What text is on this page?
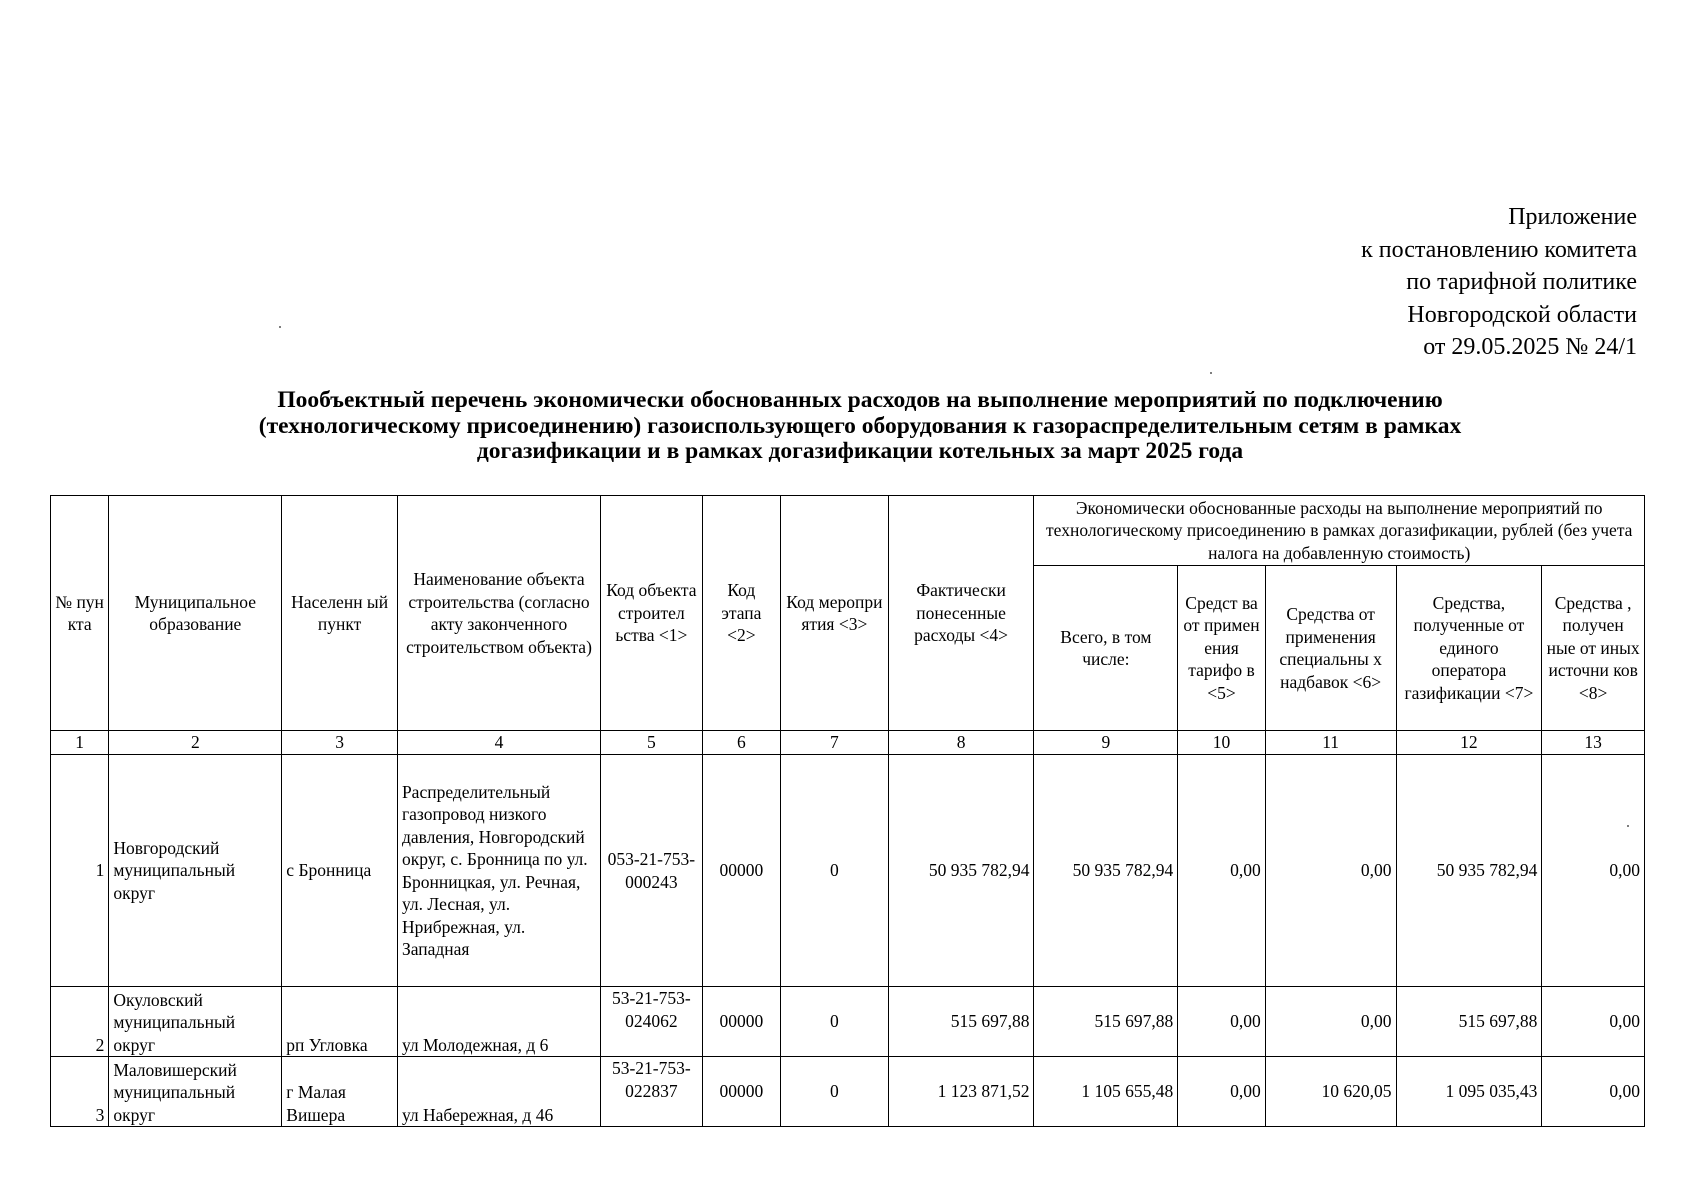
Приложение
к постановлению комитета
по тарифной политике
Новгородской области
от 29.05.2025 № 24/1
Пообъектный перечень экономически обоснованных расходов на выполнение мероприятий по подключению
(технологическому присоединению) газоиспользующего оборудования к газораспределительным сетям в рамках
догазификации и в рамках догазификации котельных за март 2025 года
№ пун кта	Муниципальное образование	Населенн ый пункт	Наименование объекта строительства (согласно акту законченного строительством объекта)	Код объекта строител ьства <1>	Код этапа <2>	Код меропри ятия <3>	Фактически понесенные расходы <4>	Экономически обоснованные расходы на выполнение мероприятий по технологическому присоединению в рамках догазификации, рублей (без учета налога на добавленную стоимость)				
								Всего, в том числе:	Средст ва от примен ения тарифо в <5>	Средства от применения специальны х надбавок <6>	Средства, полученные от единого оператора газификации <7>	Средства , получен ные от иных источни ков <8>
1	2	3	4	5	6	7	8	9	10	11	12	13
1	Новгородский муниципальный округ	с Бронница	Распределительный газопровод низкого давления, Новгородский округ, с. Бронница по ул. Бронницкая, ул. Речная, ул. Лесная, ул. Нрибрежная, ул. Западная	053-21-753-000243	00000	0	50 935 782,94	50 935 782,94	0,00	0,00	50 935 782,94	0,00
2	Окуловский муниципальный округ	рп Угловка	ул Молодежная, д 6	53-21-753-024062	00000	0	515 697,88	515 697,88	0,00	0,00	515 697,88	0,00
3	Маловишерский муниципальный округ	г Малая Вишера	ул Набережная, д 46	53-21-753-022837	00000	0	1 123 871,52	1 105 655,48	0,00	10 620,05	1 095 035,43	0,00
